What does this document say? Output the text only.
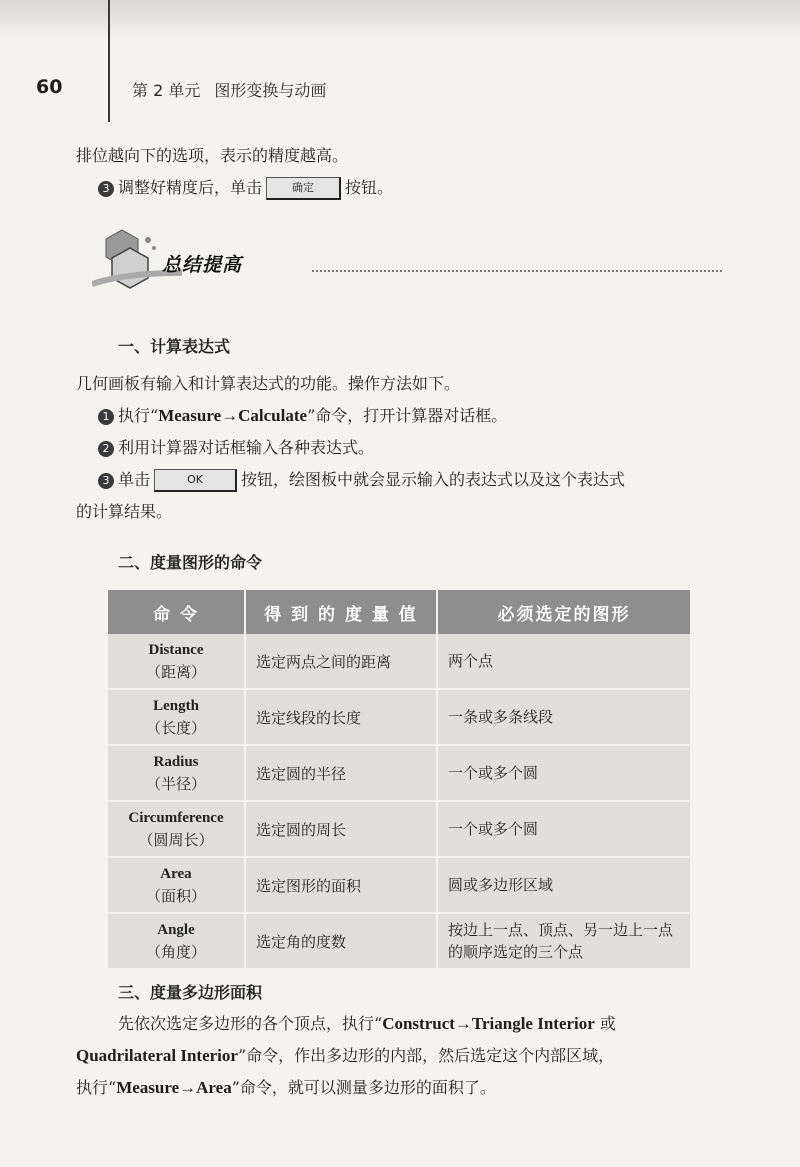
60	第 2 单元 图形变换与动画

排位越向下的选项，表示的精度越高。

3 调整好精度后，单击	确定 按钮。

总结提高
一、计算表达式

几何画板有输入和计算表达式的功能。操作方法如下。

1 执行“Measure→Calculate”命令，打开计算器对话框。

2 利用计算器对话框输入各种表达式。

3 单击	OK 按钮，绘图板中就会显示输入的表达式以及这个表达式

的计算结果。

二、度量图形的命令
命 令	得 到 的 度 量 值	必须选定的图形

Distance
（距离）	选定两点之间的距离	两个点

Length
（长度）	选定线段的长度	一条或多条线段

Radius
（半径）	选定圆的半径	一个或多个圆

Circumference
（圆周长）	选定圆的周长	一个或多个圆

Area
（面积）	选定图形的面积	圆或多边形区域

Angle
（角度）	选定角的度数	按边上一点、顶点、另一边上一点的顺序选定的三个点
三、度量多边形面积

先依次选定多边形的各个顶点，执行“Construct→Triangle Interior 或

Quadrilateral Interior”命令，作出多边形的内部，然后选定这个内部区域，

执行“Measure→Area”命令，就可以测量多边形的面积了。
